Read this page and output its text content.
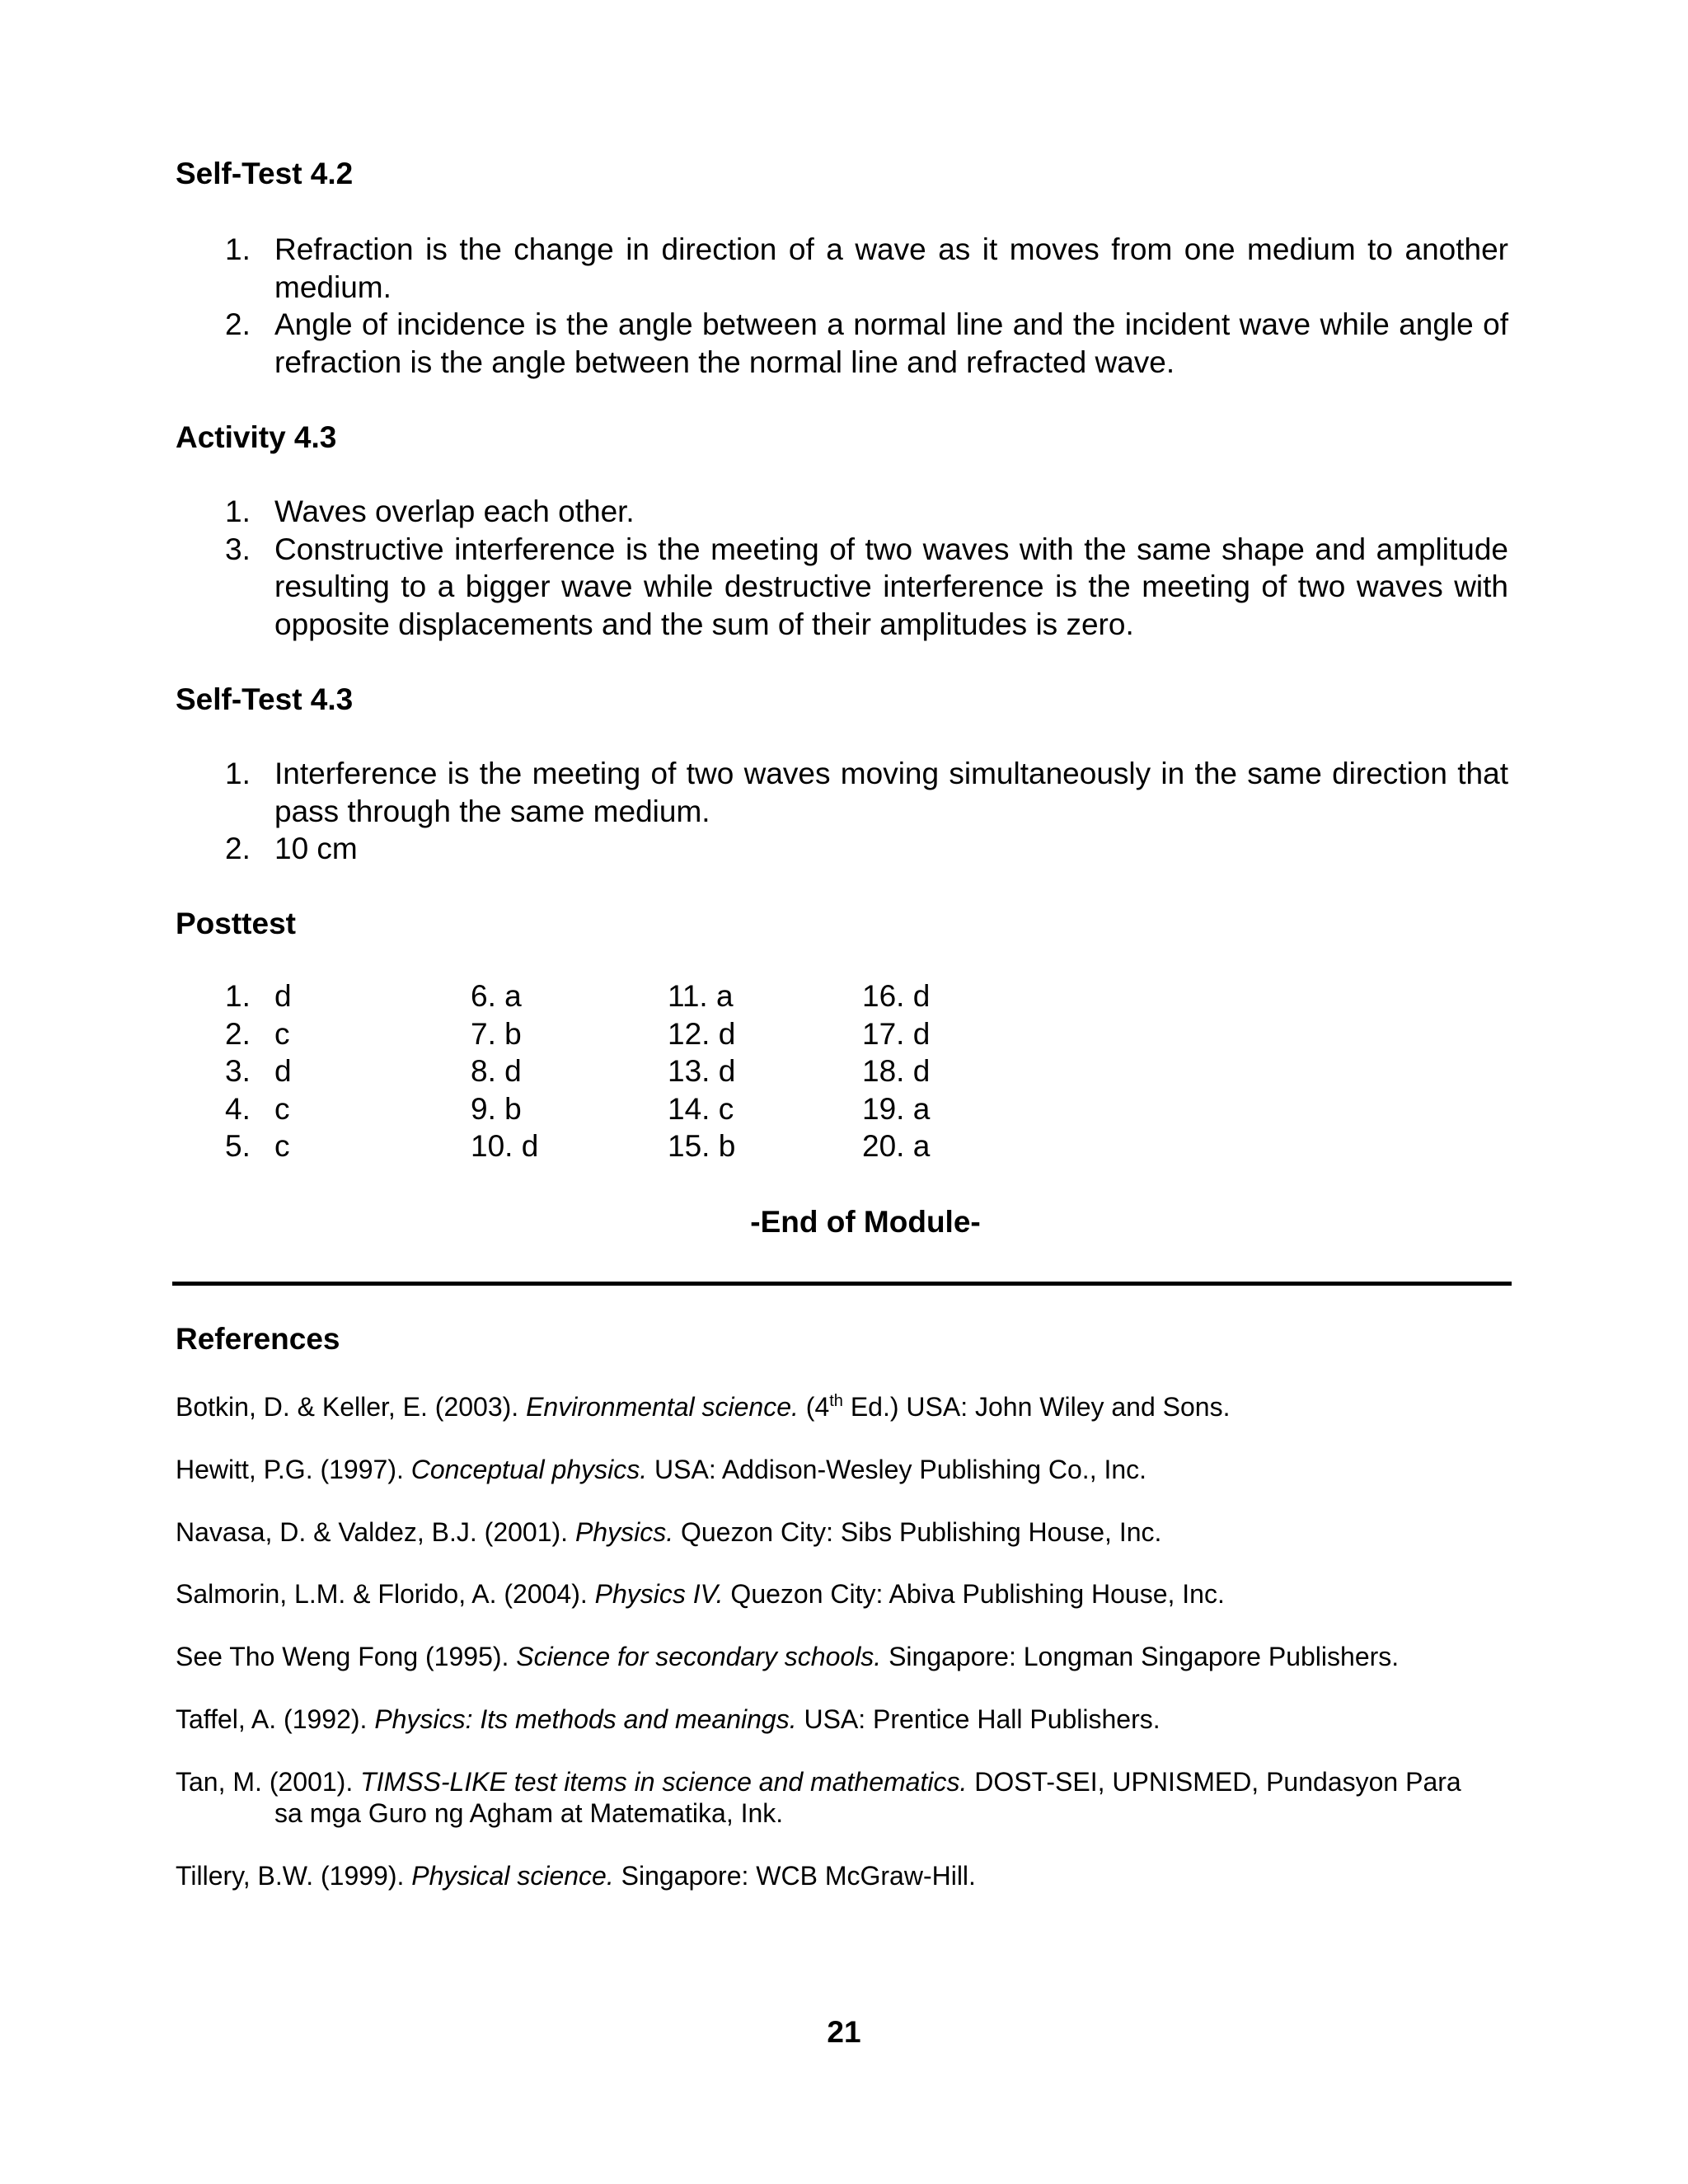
Self-Test 4.2
1. Refraction is the change in direction of a wave as it moves from one medium to another medium.
2. Angle of incidence is the angle between a normal line and the incident wave while angle of refraction is the angle between the normal line and refracted wave.
Activity 4.3
1. Waves overlap each other.
3. Constructive interference is the meeting of two waves with the same shape and amplitude resulting to a bigger wave while destructive interference is the meeting of two waves with opposite displacements and the sum of their amplitudes is zero.
Self-Test 4.3
1. Interference is the meeting of two waves moving simultaneously in the same direction that pass through the same medium.
2. 10 cm
Posttest
1. d
2. c
3. d
4. c
5. c
6. a
7. b
8. d
9. b
10. d
11. a
12. d
13. d
14. c
15. b
16. d
17. d
18. d
19. a
20. a
-End of Module-
References
Botkin, D. & Keller, E. (2003). Environmental science. (4th Ed.) USA: John Wiley and Sons.
Hewitt, P.G. (1997). Conceptual physics. USA: Addison-Wesley Publishing Co., Inc.
Navasa, D. & Valdez, B.J. (2001). Physics. Quezon City: Sibs Publishing House, Inc.
Salmorin, L.M. & Florido, A. (2004). Physics IV. Quezon City: Abiva Publishing House, Inc.
See Tho Weng Fong (1995). Science for secondary schools. Singapore: Longman Singapore Publishers.
Taffel, A. (1992). Physics: Its methods and meanings. USA: Prentice Hall Publishers.
Tan, M. (2001). TIMSS-LIKE test items in science and mathematics. DOST-SEI, UPNISMED, Pundasyon Para
sa mga Guro ng Agham at Matematika, Ink.
Tillery, B.W. (1999). Physical science. Singapore: WCB McGraw-Hill.
21
